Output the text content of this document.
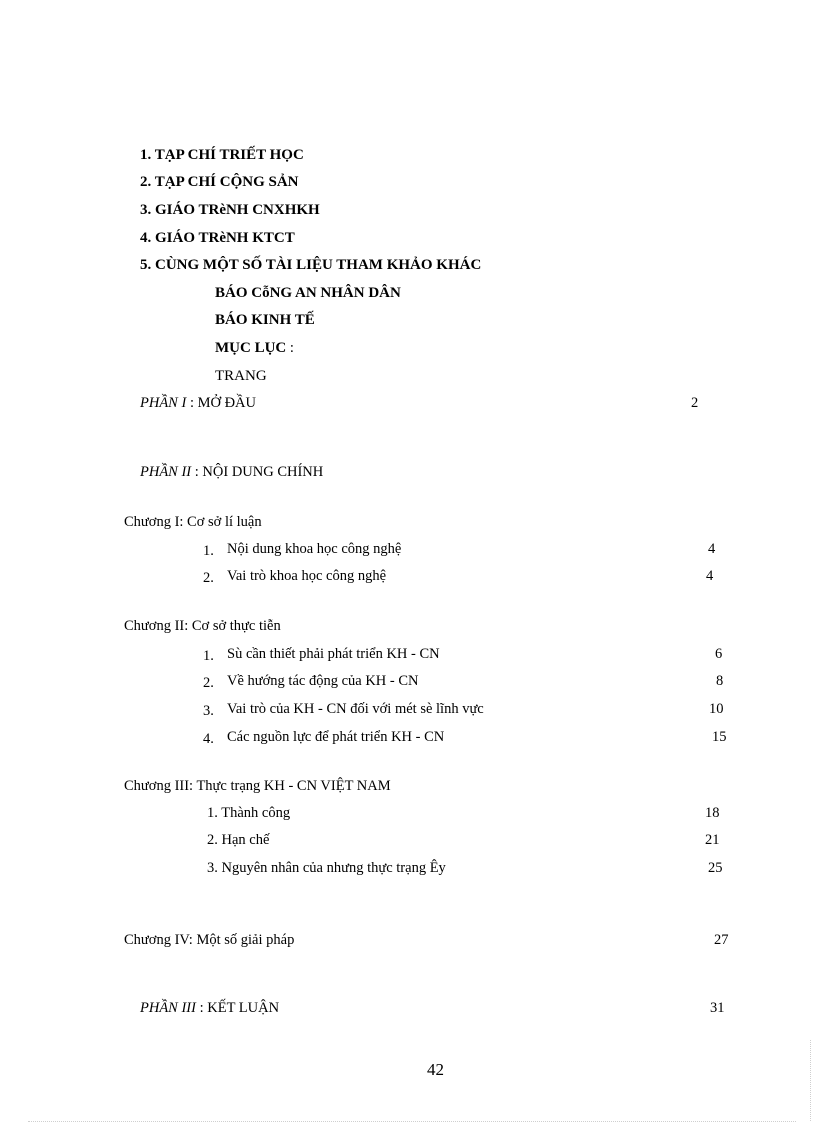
1. TẠP CHÍ TRIẾT HỌC
2. TẠP CHÍ CỘNG SẢN
3. GIÁO TRèNH CNXHKH
4. GIÁO TRèNH KTCT
5. CÙNG MỘT SỐ TÀI LIỆU THAM KHẢO KHÁC
BÁO CỗNG AN NHÂN DÂN
BÁO KINH TẾ
MỤC LỤC :
TRANG
PHẦN I : MỞ ĐẦU	2
PHẦN II : NỘI DUNG CHÍNH
Chương I: Cơ sở lí luận
1. Nội dung khoa học công nghệ	4
2. Vai trò khoa học công nghệ	4
Chương II: Cơ sở thực tiễn
1. Sù cần thiết phải phát triển KH - CN	6
2. Về hướng tác động của KH - CN	8
3. Vai trò của KH - CN đối với mét sè lĩnh vực	10
4. Các nguồn lực để phát triển KH - CN	15
Chương III: Thực trạng KH - CN VIỆT NAM
1. Thành công	18
2. Hạn chế	21
3. Nguyên nhân của nhưng thực trạng Êy	25
Chương IV: Một số giải pháp	27
PHẦN III : KẾT LUẬN	31
42
